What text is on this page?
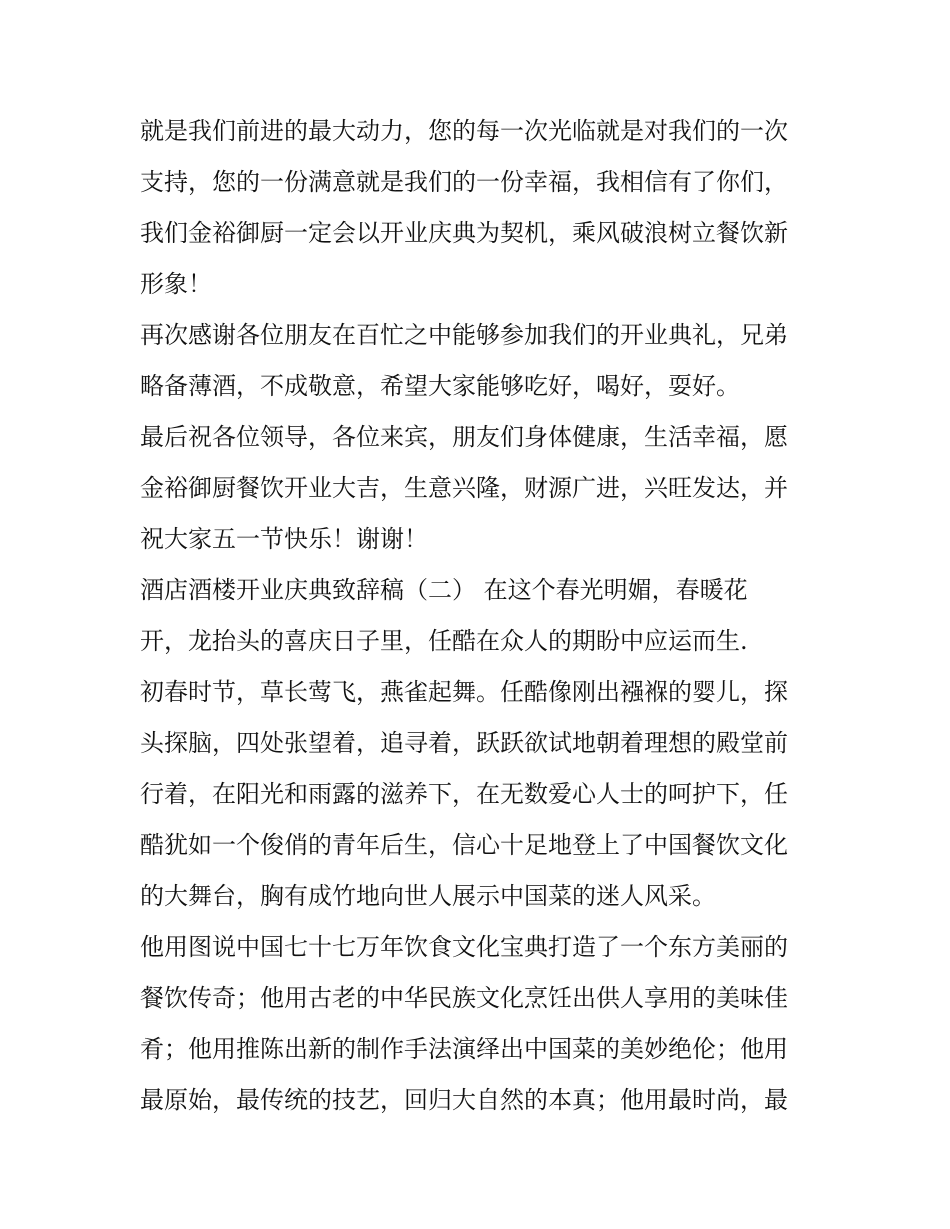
就是我们前进的最大动力，您的每一次光临就是对我们的一次
支持，您的一份满意就是我们的一份幸福，我相信有了你们，
我们金裕御厨一定会以开业庆典为契机，乘风破浪树立餐饮新
形象！
再次感谢各位朋友在百忙之中能够参加我们的开业典礼，兄弟
略备薄酒，不成敬意，希望大家能够吃好，喝好，耍好。
最后祝各位领导，各位来宾，朋友们身体健康，生活幸福，愿
金裕御厨餐饮开业大吉，生意兴隆，财源广进，兴旺发达，并
祝大家五一节快乐！谢谢！
酒店酒楼开业庆典致辞稿（二） 在这个春光明媚，春暖花
开，龙抬头的喜庆日子里，任酷在众人的期盼中应运而生.
初春时节，草长莺飞，燕雀起舞。任酷像刚出襁褓的婴儿，探
头探脑，四处张望着，追寻着，跃跃欲试地朝着理想的殿堂前
行着，在阳光和雨露的滋养下，在无数爱心人士的呵护下，任
酷犹如一个俊俏的青年后生，信心十足地登上了中国餐饮文化
的大舞台，胸有成竹地向世人展示中国菜的迷人风采。
他用图说中国七十七万年饮食文化宝典打造了一个东方美丽的
餐饮传奇；他用古老的中华民族文化烹饪出供人享用的美味佳
肴；他用推陈出新的制作手法演绎出中国菜的美妙绝伦；他用
最原始，最传统的技艺，回归大自然的本真；他用最时尚，最
